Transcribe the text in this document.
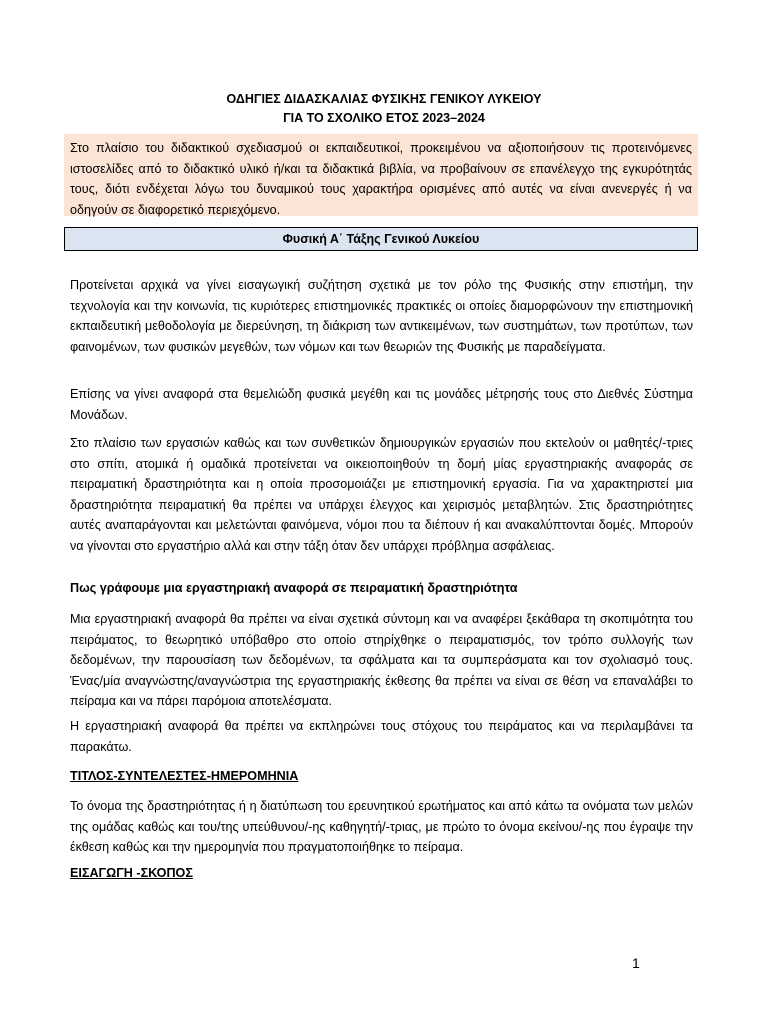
ΟΔΗΓΙΕΣ ΔΙΔΑΣΚΑΛΙΑΣ ΦΥΣΙΚΗΣ ΓΕΝΙΚΟΥ ΛΥΚΕΙΟΥ
ΓΙΑ ΤΟ ΣΧΟΛΙΚΟ ΕΤΟΣ 2023–2024

Στο πλαίσιο του διδακτικού σχεδιασμού οι εκπαιδευτικοί, προκειμένου να αξιοποιήσουν τις προτεινόμενες ιστοσελίδες από το διδακτικό υλικό ή/και τα διδακτικά βιβλία, να προβαίνουν σε επανέλεγχο της εγκυρότητάς τους, διότι ενδέχεται λόγω του δυναμικού τους χαρακτήρα ορισμένες από αυτές να είναι ανενεργές ή να οδηγούν σε διαφορετικό περιεχόμενο.

Φυσική Α΄ Τάξης Γενικού Λυκείου

Προτείνεται αρχικά να γίνει εισαγωγική συζήτηση σχετικά με τον ρόλο της Φυσικής στην επιστήμη, την τεχνολογία και την κοινωνία, τις κυριότερες επιστημονικές πρακτικές οι οποίες διαμορφώνουν την επιστημονική εκπαιδευτική μεθοδολογία με διερεύνηση, τη διάκριση των αντικειμένων, των συστημάτων, των προτύπων, των φαινομένων, των φυσικών μεγεθών, των νόμων και των θεωριών της Φυσικής με παραδείγματα.

Επίσης να γίνει αναφορά στα θεμελιώδη φυσικά μεγέθη και τις μονάδες μέτρησής τους στο Διεθνές Σύστημα Μονάδων.

Στο πλαίσιο των εργασιών καθώς και των συνθετικών δημιουργικών εργασιών που εκτελούν οι μαθητές/-τριες στο σπίτι, ατομικά ή ομαδικά προτείνεται να οικειοποιηθούν τη δομή μίας εργαστηριακής αναφοράς σε πειραματική δραστηριότητα και η οποία προσομοιάζει με επιστημονική εργασία. Για να χαρακτηριστεί μια δραστηριότητα πειραματική θα πρέπει να υπάρχει έλεγχος και χειρισμός μεταβλητών. Στις δραστηριότητες αυτές αναπαράγονται και μελετώνται φαινόμενα, νόμοι που τα διέπουν ή και ανακαλύπτονται δομές. Μπορούν να γίνονται στο εργαστήριο αλλά και στην τάξη όταν δεν υπάρχει πρόβλημα ασφάλειας.

Πως γράφουμε μια εργαστηριακή αναφορά σε πειραματική δραστηριότητα

Μια εργαστηριακή αναφορά θα πρέπει να είναι σχετικά σύντομη και να αναφέρει ξεκάθαρα τη σκοπιμότητα του πειράματος, το θεωρητικό υπόβαθρο στο οποίο στηρίχθηκε ο πειραματισμός, τον τρόπο συλλογής των δεδομένων, την παρουσίαση των δεδομένων, τα σφάλματα και τα συμπεράσματα και τον σχολιασμό τους. Ένας/μία αναγνώστης/αναγνώστρια της εργαστηριακής έκθεσης θα πρέπει να είναι σε θέση να επαναλάβει το πείραμα και να πάρει παρόμοια αποτελέσματα.

Η εργαστηριακή αναφορά θα πρέπει να εκπληρώνει τους στόχους του πειράματος και να περιλαμβάνει τα παρακάτω.

ΤΙΤΛΟΣ-ΣΥΝΤΕΛΕΣΤΕΣ-ΗΜΕΡΟΜΗΝΙΑ

Το όνομα της δραστηριότητας ή η διατύπωση του ερευνητικού ερωτήματος και από κάτω τα ονόματα των μελών της ομάδας καθώς και του/της υπεύθυνου/-ης καθηγητή/-τριας, με πρώτο το όνομα εκείνου/-ης που έγραψε την έκθεση καθώς και την ημερομηνία που πραγματοποιήθηκε το πείραμα.

ΕΙΣΑΓΩΓΗ -ΣΚΟΠΟΣ

1
